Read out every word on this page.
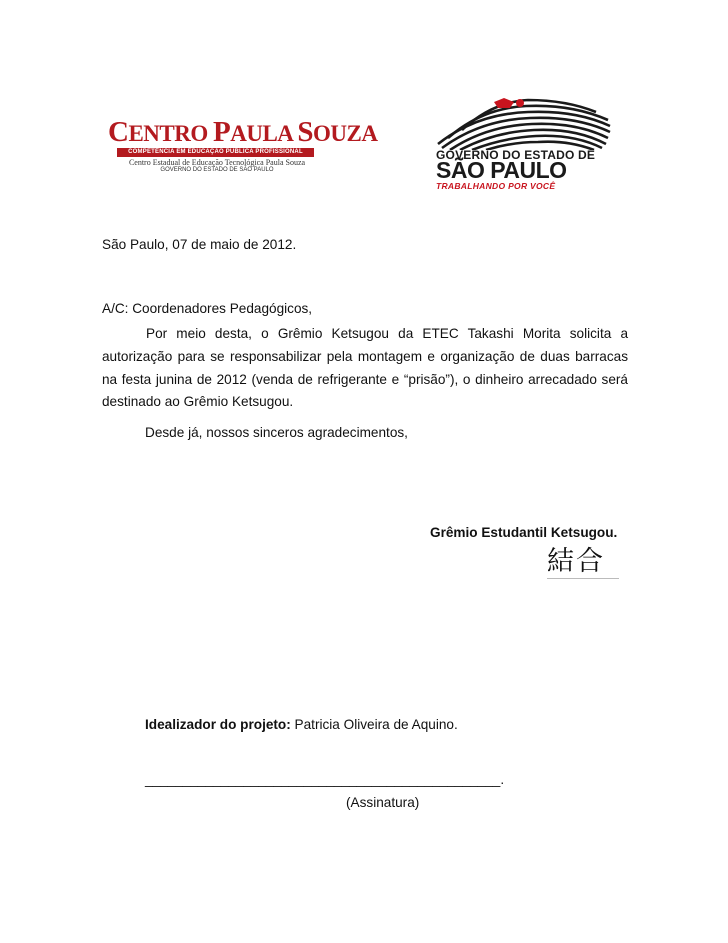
CENTRO PAULA SOUZA
COMPETÊNCIA EM EDUCAÇÃO PÚBLICA PROFISSIONAL
Centro Estadual de Educação Tecnológica Paula Souza
GOVERNO DO ESTADO DE SÃO PAULO
GOVERNO DO ESTADO DE
SÃO PAULO
TRABALHANDO POR VOCÊ
São Paulo, 07 de maio de 2012.
A/C: Coordenadores Pedagógicos,
Por meio desta, o Grêmio Ketsugou da ETEC Takashi Morita solicita a autorização para se responsabilizar pela montagem e organização de duas barracas na festa junina de 2012 (venda de refrigerante e “prisão”), o dinheiro arrecadado será destinado ao Grêmio Ketsugou.
Desde já, nossos sinceros agradecimentos,
Grêmio Estudantil Ketsugou.
結合
Idealizador do projeto: Patricia Oliveira de Aquino.
_______________________________________________.
(Assinatura)
